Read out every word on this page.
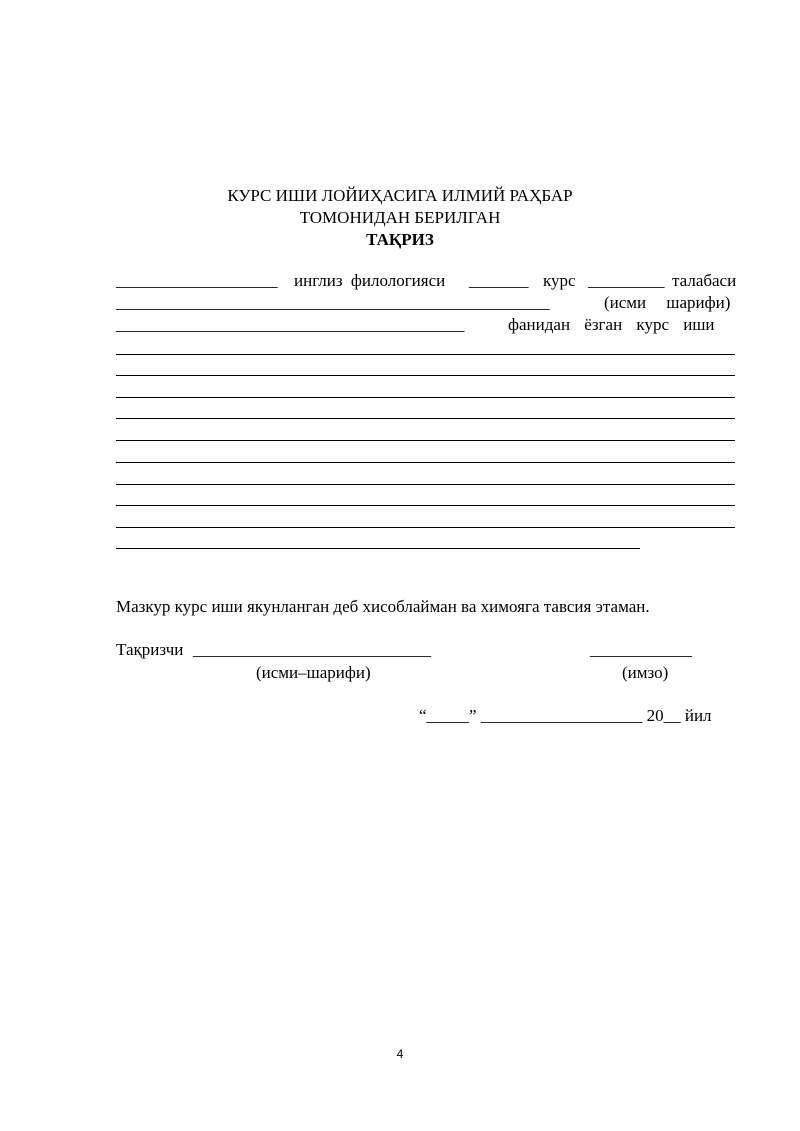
КУРС ИШИ ЛОЙИҲАСИГА ИЛМИЙ РАҲБАР
ТОМОНИДАН БЕРИЛГАН
ТАҚРИЗ
___________________ инглиз филологияси _______ курс _________ талабаси
___________________________________________________	(исми шарифи)
_________________________________________	фанидан ёзган курс иши
Мазкур курс иши якунланган деб хисоблайман ва химояга тавсия этаман.
Тақризчи ____________________________	____________
(исми–шарифи)	(имзо)
“_____” ___________________ 20__ йил
4
